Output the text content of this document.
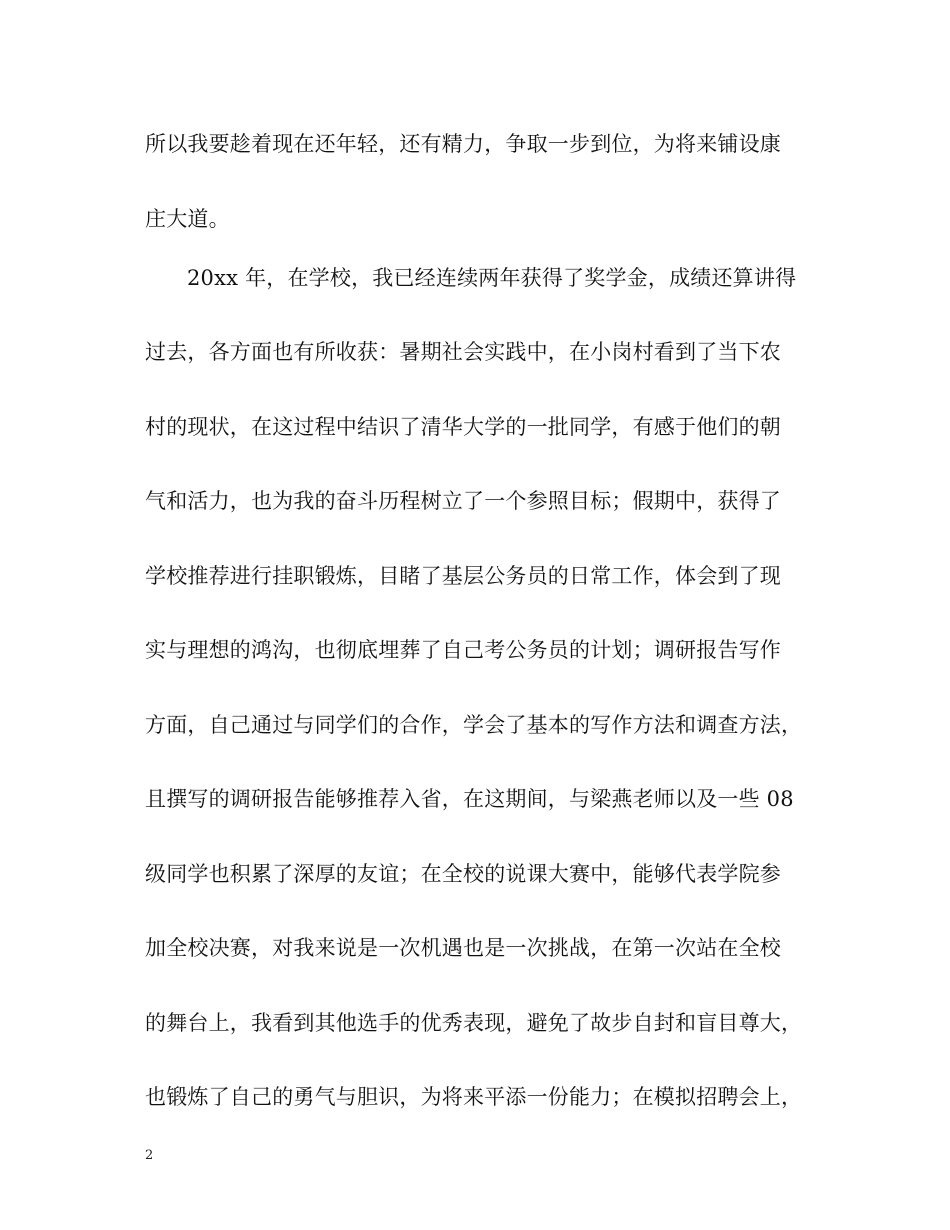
所以我要趁着现在还年轻，还有精力，争取一步到位，为将来铺设康
庄大道。
20xx 年，在学校，我已经连续两年获得了奖学金，成绩还算讲得
过去，各方面也有所收获：暑期社会实践中，在小岗村看到了当下农
村的现状，在这过程中结识了清华大学的一批同学，有感于他们的朝
气和活力，也为我的奋斗历程树立了一个参照目标；假期中，获得了
学校推荐进行挂职锻炼，目睹了基层公务员的日常工作，体会到了现
实与理想的鸿沟，也彻底埋葬了自己考公务员的计划；调研报告写作
方面，自己通过与同学们的合作，学会了基本的写作方法和调查方法，
且撰写的调研报告能够推荐入省，在这期间，与梁燕老师以及一些 08
级同学也积累了深厚的友谊；在全校的说课大赛中，能够代表学院参
加全校决赛，对我来说是一次机遇也是一次挑战，在第一次站在全校
的舞台上，我看到其他选手的优秀表现，避免了故步自封和盲目尊大，
也锻炼了自己的勇气与胆识，为将来平添一份能力；在模拟招聘会上，
2
